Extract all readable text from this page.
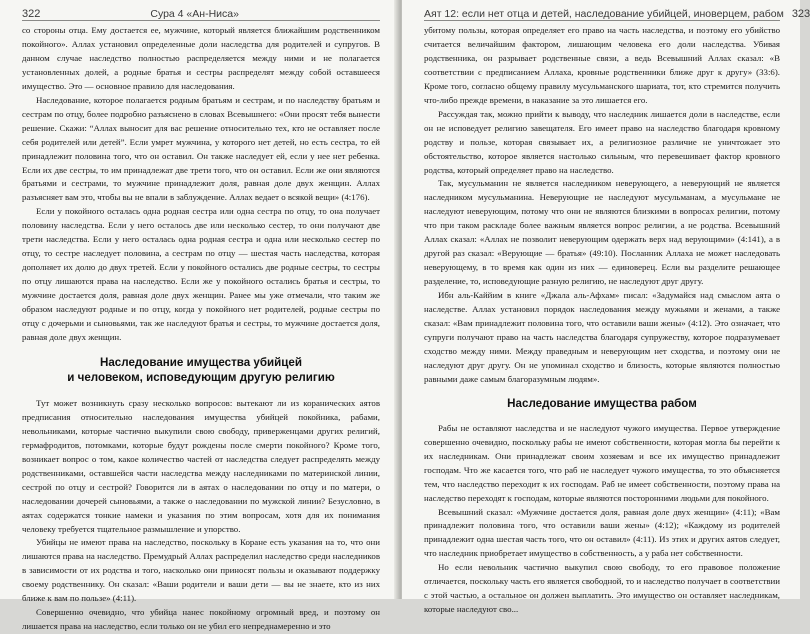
322	Сура 4 «Ан-Ниса»

со стороны отца. Ему достается ее, мужчине, который является ближайшим родственником покойного». Аллах установил определенные доли наследства для родителей и супругов. В данном случае наследство полностью распределяется между ними и не полагается установленных долей, а родные братья и сестры распределят между собой оставшееся имущество. Это — основное правило для наследования.

Наследование, которое полагается родным братьям и сестрам, и по наследству братьям и сестрам по отцу, более подробно разъяснено в словах Всевышнего: «Они просят тебя вынести решение. Скажи: “Аллах выносит для вас решение относительно тех, кто не оставляет после себя родителей или детей”. Если умрет мужчина, у которого нет детей, но есть сестра, то ей принадлежит половина того, что он оставил. Он также наследует ей, если у нее нет ребенка. Если их две сестры, то им принадлежат две трети того, что он оставил. Если же они являются братьями и сестрами, то мужчине принадлежит доля, равная доле двух женщин. Аллах разъясняет вам это, чтобы вы не впали в заблуждение. Аллах ведает о всякой вещи» (4:176).

Если у покойного осталась одна родная сестра или одна сестра по отцу, то она получает половину наследства. Если у него осталось две или несколько сестер, то они получают две трети наследства. Если у него осталась одна родная сестра и одна или несколько сестер по отцу, то сестре наследует половина, а сестрам по отцу — шестая часть наследства, которая дополняет их долю до двух третей. Если у покойного остались две родные сестры, то сестры по отцу лишаются права на наследство. Если же у покойного остались братья и сестры, то мужчине достается доля, равная доле двух женщин. Ранее мы уже отмечали, что таким же образом наследуют родные и по отцу, когда у покойного нет родителей, родные сестры по отцу с дочерьми и сыновьями, так же наследуют братья и сестры, то мужчине достается доля, равная доле двух женщин.

Наследование имущества убийцей
и человеком, исповедующим другую религию

Тут может возникнуть сразу несколько вопросов: вытекают ли из коранических аятов предписания относительно наследования имущества убийцей покойника, рабами, невольниками, которые частично выкупили свою свободу, приверженцами других религий, гермафродитов, потомками, которые будут рождены после смерти покойного? Кроме того, возникает вопрос о том, какое количество частей от наследства следует распределять между родственниками, оставшейся части наследства между наследниками по материнской линии, сестрой по отцу и сестрой? Говорится ли в аятах о наследовании по отцу и по матери, о наследовании дочерей сыновьями, а также о наследовании по мужской линии? Безусловно, в аятах содержатся тонкие намеки и указания по этим вопросам, хотя для их понимания человеку требуется тщательное размышление и упорство.

Убийцы не имеют права на наследство, поскольку в Коране есть указания на то, что они лишаются права на наследство. Премудрый Аллах распределил наследство среди наследников в зависимости от их родства и того, насколько они приносят пользы и оказывают поддержку своему родственнику. Он сказал: «Ваши родители и ваши дети — вы не знаете, кто из них ближе к вам по пользе» (4:11).

Совершенно очевидно, что убийца нанес покойному огромный вред, и поэтому он лишается права на наследство, если только он не убил его непреднамеренно и это

Аят 12: если нет отца и детей, наследование убийцей, иноверцем, рабом 323

убитому пользы, которая определяет его право на часть наследства, и поэтому его убийство считается величайшим фактором, лишающим человека его доли наследства. Убивая родственника, он разрывает родственные связи, а ведь Всевышний Аллах сказал: «В соответствии с предписанием Аллаха, кровные родственники ближе друг к другу» (33:6). Кроме того, согласно общему правилу мусульманского шариата, тот, кто стремится получить что-либо прежде времени, в наказание за это лишается его.

Рассуждая так, можно прийти к выводу, что наследник лишается доли в наследстве, если он не исповедует религию завещателя. Его имеет право на наследство благодаря кровному родству и пользе, которая связывает их, а религиозное различие не уничтожает это обстоятельство, которое является настолько сильным, что перевешивает фактор кровного родства, который определяет право на наследство.

Так, мусульманин не является наследником неверующего, а неверующий не является наследником мусульманина. Неверующие не наследуют мусульманам, а мусульмане не наследуют неверующим, потому что они не являются близкими в вопросах религии, потому что при таком раскладе более важным является вопрос религии, а не родства. Всевышний Аллах сказал: «Аллах не позволит неверующим одержать верх над верующими» (4:141), а в другой раз сказал: «Верующие — братья» (49:10). Посланник Аллаха не может наследовать неверующему, в то время как один из них — единоверец. Если вы разделите решающее разделение, то, исповедующие разную религию, не наследуют друг другу.

Ибн аль-Каййим в книге «Джала аль-Афхам» писал: «Задумайся над смыслом аята о наследстве. Аллах установил порядок наследования между мужьями и женами, а также сказал: «Вам принадлежит половина того, что оставили ваши жены» (4:12). Это означает, что супруги получают право на часть наследства благодаря супружеству, которое подразумевает сходство между ними. Между праведным и неверующим нет сходства, и поэтому они не наследуют друг другу. Он не упоминал сходство и близость, которые являются полностью равными даже самым благоразумным людям».

Наследование имущества рабом

Рабы не оставляют наследства и не наследуют чужого имущества. Первое утверждение совершенно очевидно, поскольку рабы не имеют собственности, которая могла бы перейти к их наследникам. Они принадлежат своим хозяевам и все их имущество принадлежит господам. Что же касается того, что раб не наследует чужого имущества, то это объясняется тем, что наследство переходит к их господам. Раб не имеет собственности, поэтому права на наследство переходят к господам, которые являются посторонними людьми для покойного.

Всевышний сказал: «Мужчине достается доля, равная доле двух женщин» (4:11); «Вам принадлежит половина того, что оставили ваши жены» (4:12); «Каждому из родителей принадлежит одна шестая часть того, что он оставил» (4:11). Из этих и других аятов следует, что наследник приобретает имущество в собственность, а у раба нет собственности.

Но если невольник частично выкупил свою свободу, то его правовое положение отличается, поскольку часть его является свободной, то и наследство получает в соответствии с этой частью, а остальное он должен выплатить. Это имущество он оставляет наследникам, которые наследуют сво...
